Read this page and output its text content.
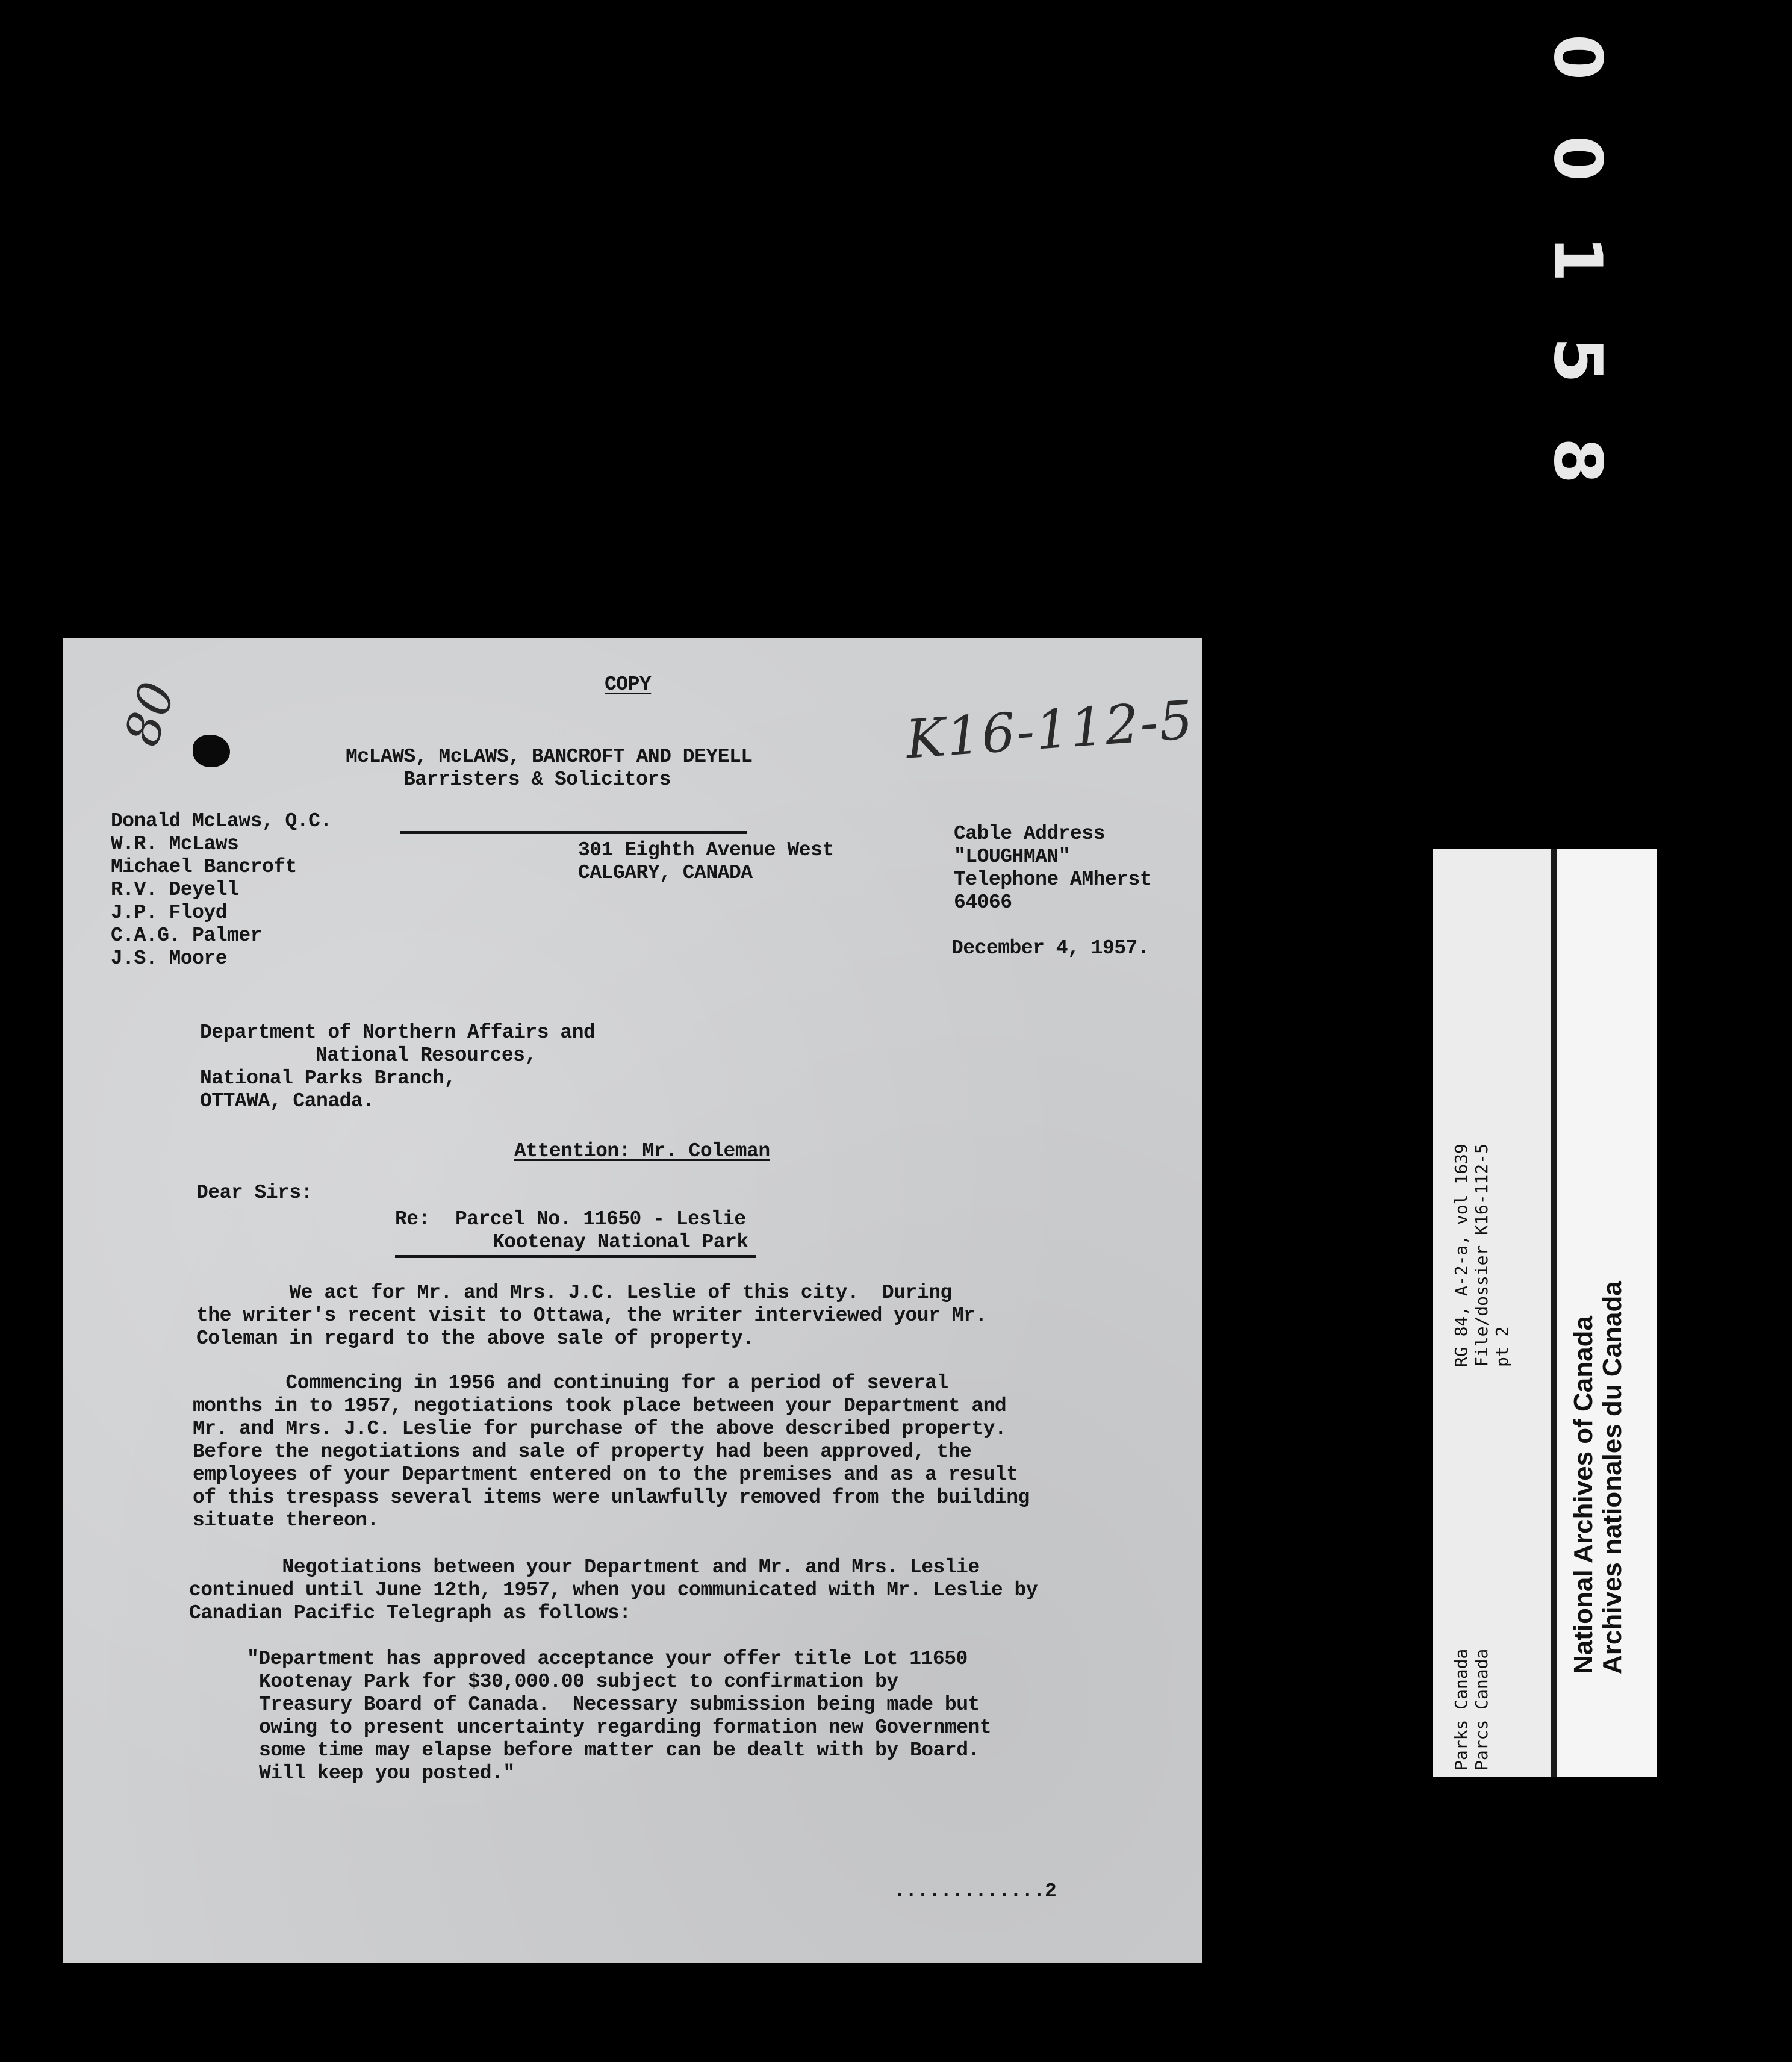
0
0
1
5
8
80	K16-112-5
COPY
McLAWS, McLAWS, BANCROFT AND DEYELL
Barristers & Solicitors
Donald McLaws, Q.C.
W.R. McLaws
Michael Bancroft
R.V. Deyell
J.P. Floyd
C.A.G. Palmer
J.S. Moore
301 Eighth Avenue West
CALGARY, CANADA
Cable Address
"LOUGHMAN"
Telephone AMherst
64066
December 4, 1957.
Department of Northern Affairs and
National Resources,
National Parks Branch,
OTTAWA, Canada.
Attention: Mr. Coleman
Dear Sirs:
Re: Parcel No. 11650 - Leslie
Kootenay National Park
We act for Mr. and Mrs. J.C. Leslie of this city.  During
the writer's recent visit to Ottawa, the writer interviewed your Mr.
Coleman in regard to the above sale of property.
Commencing in 1956 and continuing for a period of several
months in to 1957, negotiations took place between your Department and
Mr. and Mrs. J.C. Leslie for purchase of the above described property.
Before the negotiations and sale of property had been approved, the
employees of your Department entered on to the premises and as a result
of this trespass several items were unlawfully removed from the building
situate thereon.
Negotiations between your Department and Mr. and Mrs. Leslie
continued until June 12th, 1957, when you communicated with Mr. Leslie by
Canadian Pacific Telegraph as follows:
"Department has approved acceptance your offer title Lot 11650
Kootenay Park for $30,000.00 subject to confirmation by
Treasury Board of Canada.  Necessary submission being made but
owing to present uncertainty regarding formation new Government
some time may elapse before matter can be dealt with by Board.
Will keep you posted."
.............2
RG 84, A-2-a, vol 1639 File/dossier K16-112-5 pt 2
Parks Canada Parcs Canada
National Archives of Canada Archives nationales du Canada
